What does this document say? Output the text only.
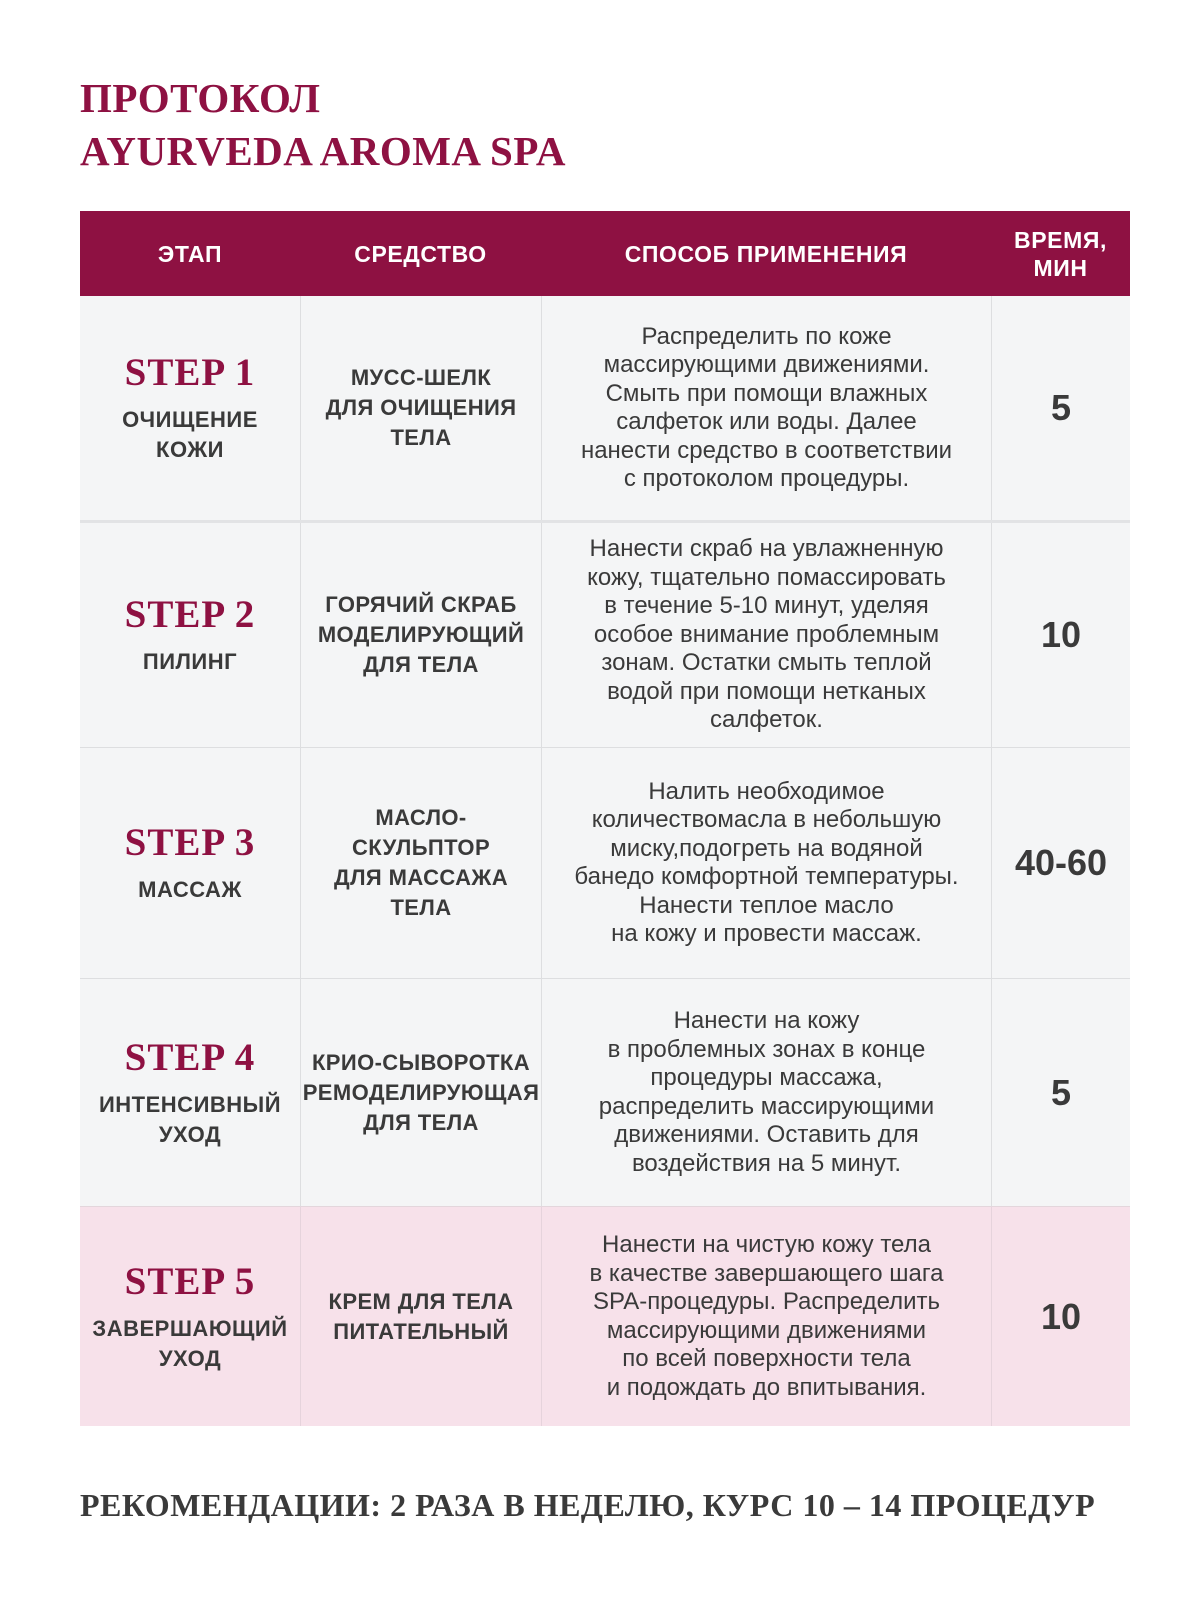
ПРОТОКОЛ
AYURVEDA AROMA SPA
ЭТАП	СРЕДСТВО	СПОСОБ ПРИМЕНЕНИЯ
ВРЕМЯ,
МИН
STEP 1
ОЧИЩЕНИЕ
КОЖИ
МУСС-ШЕЛК
ДЛЯ ОЧИЩЕНИЯ
ТЕЛА
Распределить по коже
массирующими движениями.
Смыть при помощи влажных
салфеток или воды. Далее
нанести средство в соответствии
с протоколом процедуры.
5
STEP 2
ПИЛИНГ
ГОРЯЧИЙ СКРАБ
МОДЕЛИРУЮЩИЙ
ДЛЯ ТЕЛА
Нанести скраб на увлажненную
кожу, тщательно помассировать
в течение 5-10 минут, уделяя
особое внимание проблемным
зонам. Остатки смыть теплой
водой при помощи нетканых
салфеток.
10
STEP 3
МАССАЖ
МАСЛО-
СКУЛЬПТОР
ДЛЯ МАССАЖА
ТЕЛА
Налить необходимое
количествомасла в небольшую
миску,подогреть на водяной
банедо комфортной температуры.
Нанести теплое масло
на кожу и провести массаж.
40-60
STEP 4
ИНТЕНСИВНЫЙ
УХОД
КРИО-СЫВОРОТКА
РЕМОДЕЛИРУЮЩАЯ
ДЛЯ ТЕЛА
Нанести на кожу
в проблемных зонах в конце
процедуры массажа,
распределить массирующими
движениями. Оставить для
воздействия на 5 минут.
5
STEP 5
ЗАВЕРШАЮЩИЙ
УХОД
КРЕМ ДЛЯ ТЕЛА
ПИТАТЕЛЬНЫЙ
Нанести на чистую кожу тела
в качестве завершающего шага
SPA-процедуры. Распределить
массирующими движениями
по всей поверхности тела
и подождать до впитывания.
10

РЕКОМЕНДАЦИИ: 2 РАЗА В НЕДЕЛЮ, КУРС 10 – 14 ПРОЦЕДУР
